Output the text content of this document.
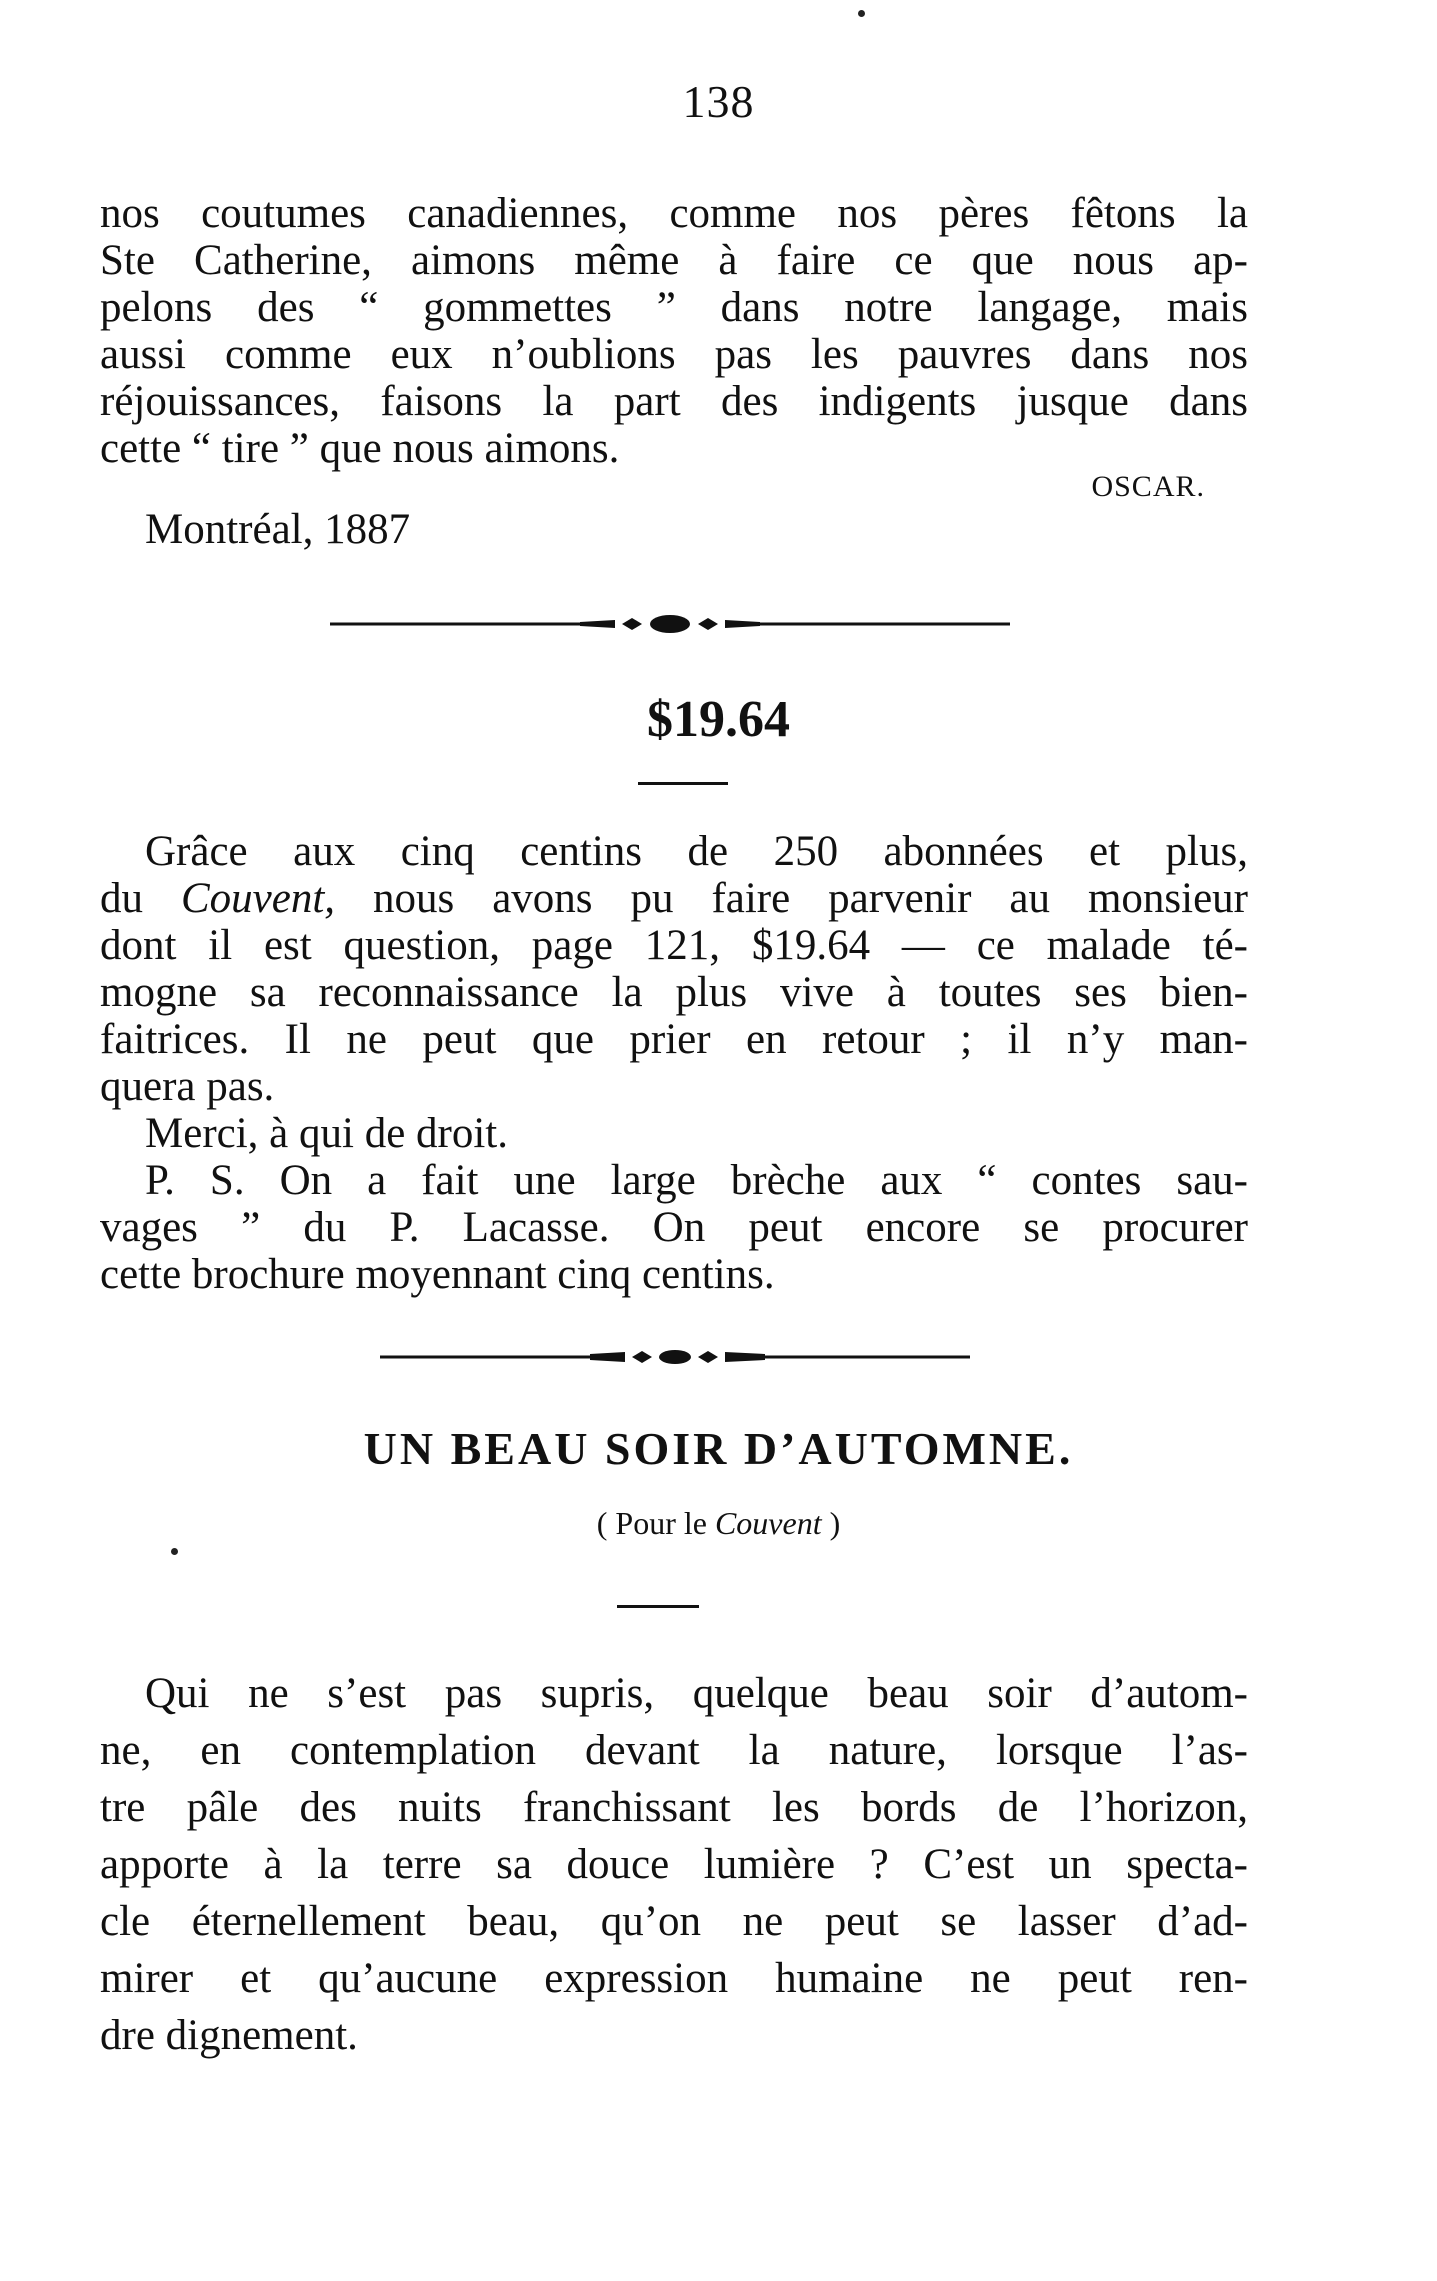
138
nos coutumes canadiennes, comme nos pères fêtons la
Ste Catherine, aimons même à faire ce que nous ap-
pelons des “ gommettes ” dans notre langage, mais
aussi comme eux n’oublions pas les pauvres dans nos
réjouissances, faisons la part des indigents jusque dans
cette “ tire ” que nous aimons.
OSCAR.
Montréal, 1887
$19.64
Grâce aux cinq centins de 250 abonnées et plus,
du Couvent, nous avons pu faire parvenir au monsieur
dont il est question, page 121, $19.64 — ce malade té-
mogne sa reconnaissance la plus vive à toutes ses bien-
faitrices. Il ne peut que prier en retour ; il n’y man-
quera pas.
Merci, à qui de droit.
P. S. On a fait une large brèche aux “ contes sau-
vages ” du P. Lacasse. On peut encore se procurer
cette brochure moyennant cinq centins.
UN BEAU SOIR D’AUTOMNE.
( Pour le Couvent )
Qui ne s’est pas supris, quelque beau soir d’autom-
ne, en contemplation devant la nature, lorsque l’as-
tre pâle des nuits franchissant les bords de l’horizon,
apporte à la terre sa douce lumière ? C’est un specta-
cle éternellement beau, qu’on ne peut se lasser d’ad-
mirer et qu’aucune expression humaine ne peut ren-
dre dignement.
